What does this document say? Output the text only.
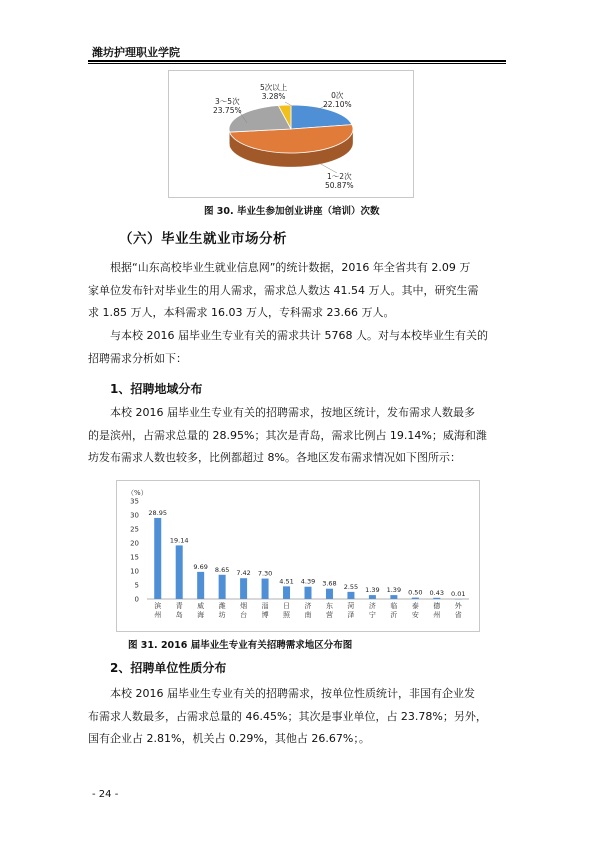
潍坊护理职业学院
5次以上
3.28%	0次
22.10%
3～5次
23.75%
1～2次
50.87%
图 30. 毕业生参加创业讲座（培训）次数
（六）毕业生就业市场分析
根据“山东高校毕业生就业信息网”的统计数据，2016 年全省共有 2.09 万
家单位发布针对毕业生的用人需求，需求总人数达 41.54 万人。其中，研究生需
求 1.85 万人，本科需求 16.03 万人，专科需求 23.66 万人。
与本校 2016 届毕业生专业有关的需求共计 5768 人。对与本校毕业生有关的
招聘需求分析如下：
1、招聘地域分布
本校 2016 届毕业生专业有关的招聘需求，按地区统计，发布需求人数最多
的是滨州，占需求总量的 28.95%；其次是青岛，需求比例占 19.14%；威海和潍
坊发布需求人数也较多，比例都超过 8%。各地区发布需求情况如下图所示：
（%）
0
5
10
15
20
25
30
35
28.95
滨州
19.14
青岛
9.69
威海
8.65
潍坊
7.42
烟台
7.30
淄博
4.51
日照
4.39
济南
3.68
东营
2.55
菏泽
1.39
济宁
1.39
临沂
0.50
泰安
0.43
德州
0.01
外省
图 31. 2016 届毕业生专业有关招聘需求地区分布图
2、招聘单位性质分布
本校 2016 届毕业生专业有关的招聘需求，按单位性质统计，非国有企业发
布需求人数最多，占需求总量的 46.45%；其次是事业单位，占 23.78%；另外，
国有企业占 2.81%，机关占 0.29%，其他占 26.67%；。
- 24 -
